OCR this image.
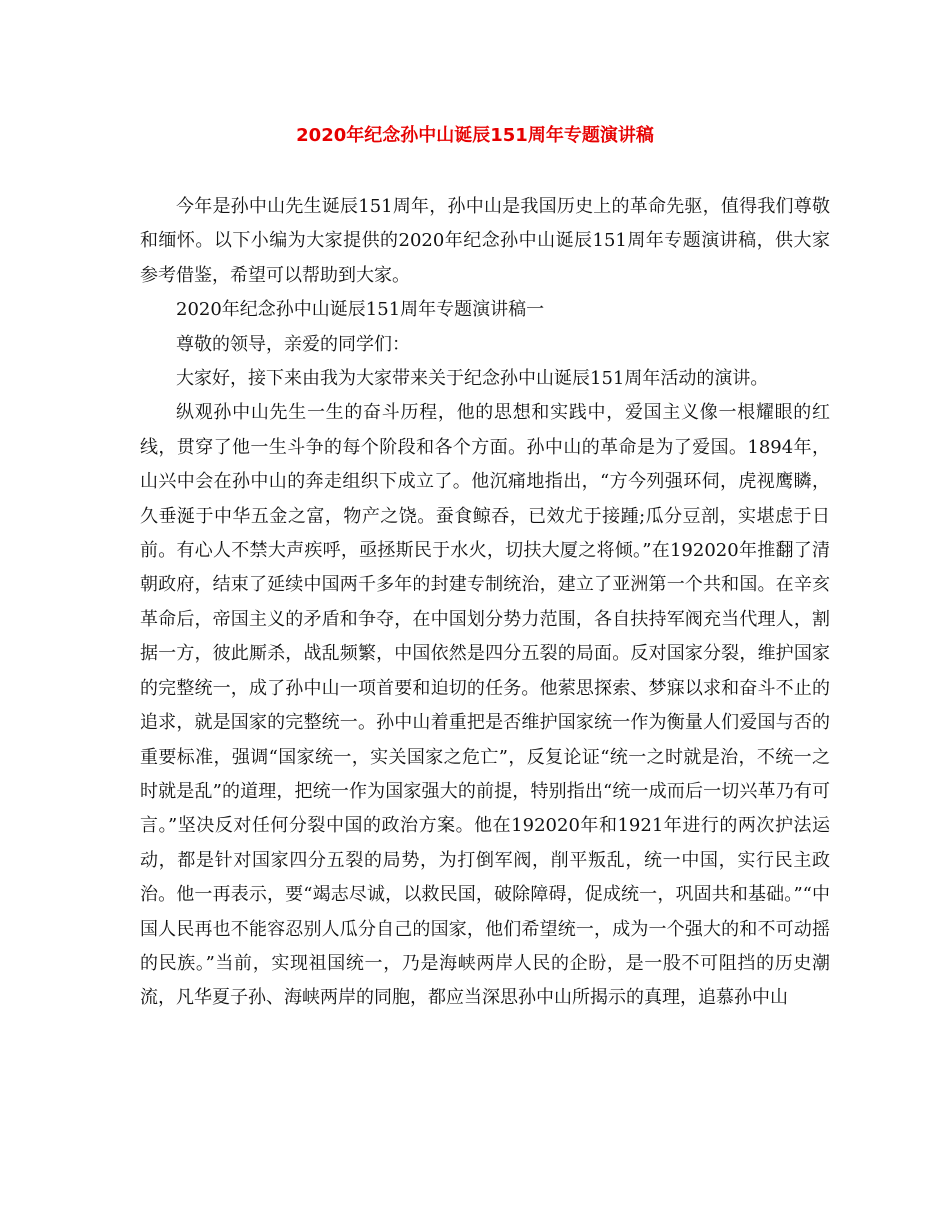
2020年纪念孙中山诞辰151周年专题演讲稿

今年是孙中山先生诞辰151周年，孙中山是我国历史上的革命先驱，值得我们尊敬和缅怀。以下小编为大家提供的2020年纪念孙中山诞辰151周年专题演讲稿，供大家参考借鉴，希望可以帮助到大家。

2020年纪念孙中山诞辰151周年专题演讲稿一

尊敬的领导，亲爱的同学们：

大家好，接下来由我为大家带来关于纪念孙中山诞辰151周年活动的演讲。

纵观孙中山先生一生的奋斗历程，他的思想和实践中，爱国主义像一根耀眼的红线，贯穿了他一生斗争的每个阶段和各个方面。孙中山的革命是为了爱国。1894年，山兴中会在孙中山的奔走组织下成立了。他沉痛地指出，“方今列强环伺，虎视鹰瞵，久垂涎于中华五金之富，物产之饶。蚕食鲸吞，已效尤于接踵;瓜分豆剖，实堪虑于日前。有心人不禁大声疾呼，亟拯斯民于水火，切扶大厦之将倾。”在192020年推翻了清朝政府，结束了延续中国两千多年的封建专制统治，建立了亚洲第一个共和国。在辛亥革命后，帝国主义的矛盾和争夺，在中国划分势力范围，各自扶持军阀充当代理人，割据一方，彼此厮杀，战乱频繁，中国依然是四分五裂的局面。反对国家分裂，维护国家的完整统一，成了孙中山一项首要和迫切的任务。他萦思探索、梦寐以求和奋斗不止的追求，就是国家的完整统一。孙中山着重把是否维护国家统一作为衡量人们爱国与否的重要标准，强调“国家统一，实关国家之危亡”，反复论证“统一之时就是治，不统一之时就是乱”的道理，把统一作为国家强大的前提，特别指出“统一成而后一切兴革乃有可言。”坚决反对任何分裂中国的政治方案。他在192020年和1921年进行的两次护法运动，都是针对国家四分五裂的局势，为打倒军阀，削平叛乱，统一中国，实行民主政治。他一再表示，要“竭志尽诚，以救民国，破除障碍，促成统一，巩固共和基础。”“中国人民再也不能容忍别人瓜分自己的国家，他们希望统一，成为一个强大的和不可动摇的民族。”当前，实现祖国统一，乃是海峡两岸人民的企盼，是一股不可阻挡的历史潮流，凡华夏子孙、海峡两岸的同胞，都应当深思孙中山所揭示的真理，追慕孙中山
